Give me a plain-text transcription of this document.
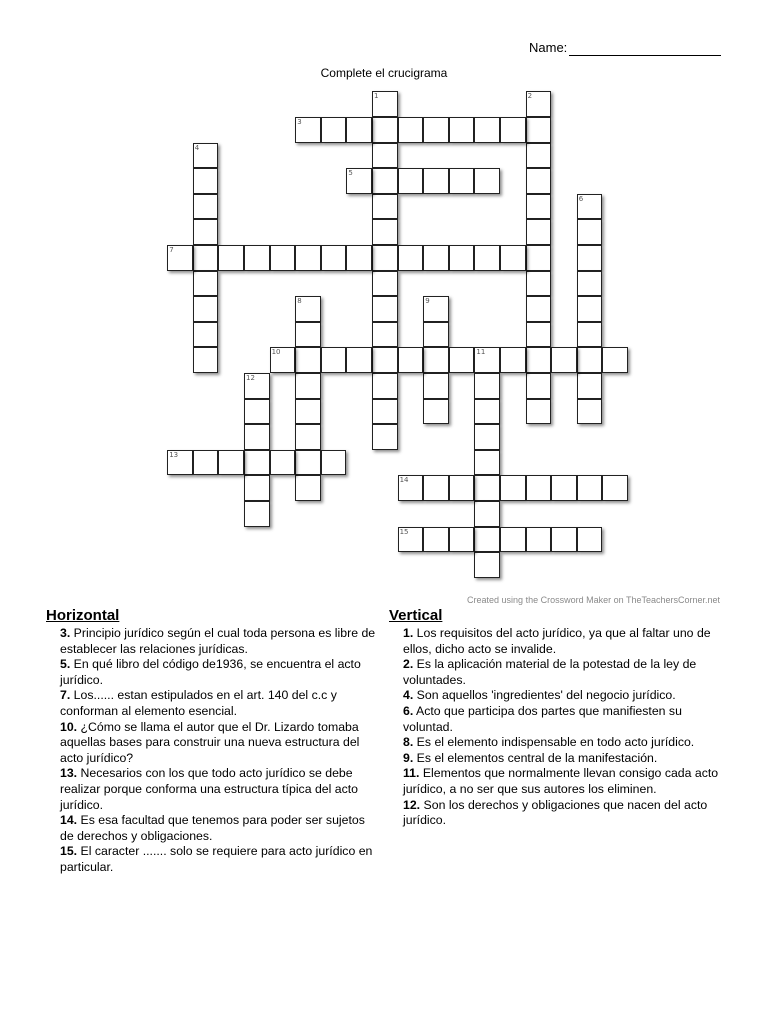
Name:
Complete el crucigrama
1	2
3
4
5
6
7
8	9
10	11
12
13
14
15
Created using the Crossword Maker on TheTeachersCorner.net
Horizontal
3. Principio jurídico según el cual toda persona es libre de establecer las relaciones jurídicas.
5. En qué libro del código de1936, se encuentra el acto jurídico.
7. Los...... estan estipulados en el art. 140 del c.c y conforman al elemento esencial.
10. ¿Cómo se llama el autor que el Dr. Lizardo tomaba aquellas bases para construir una nueva estructura del acto jurídico?
13. Necesarios con los que todo acto jurídico se debe realizar porque conforma una estructura típica del acto jurídico.
14. Es esa facultad que tenemos para poder ser sujetos de derechos y obligaciones.
15. El caracter ....... solo se requiere para acto jurídico en particular.
Vertical
1. Los requisitos del acto jurídico, ya que al faltar uno de ellos, dicho acto se invalide.
2. Es la aplicación material de la potestad de la ley de voluntades.
4. Son aquellos 'ingredientes' del negocio jurídico.
6. Acto que participa dos partes que manifiesten su voluntad.
8. Es el elemento indispensable en todo acto jurídico.
9. Es el elementos central de la manifestación.
11. Elementos que normalmente llevan consigo cada acto jurídico, a no ser que sus autores los eliminen.
12. Son los derechos y obligaciones que nacen del acto jurídico.
